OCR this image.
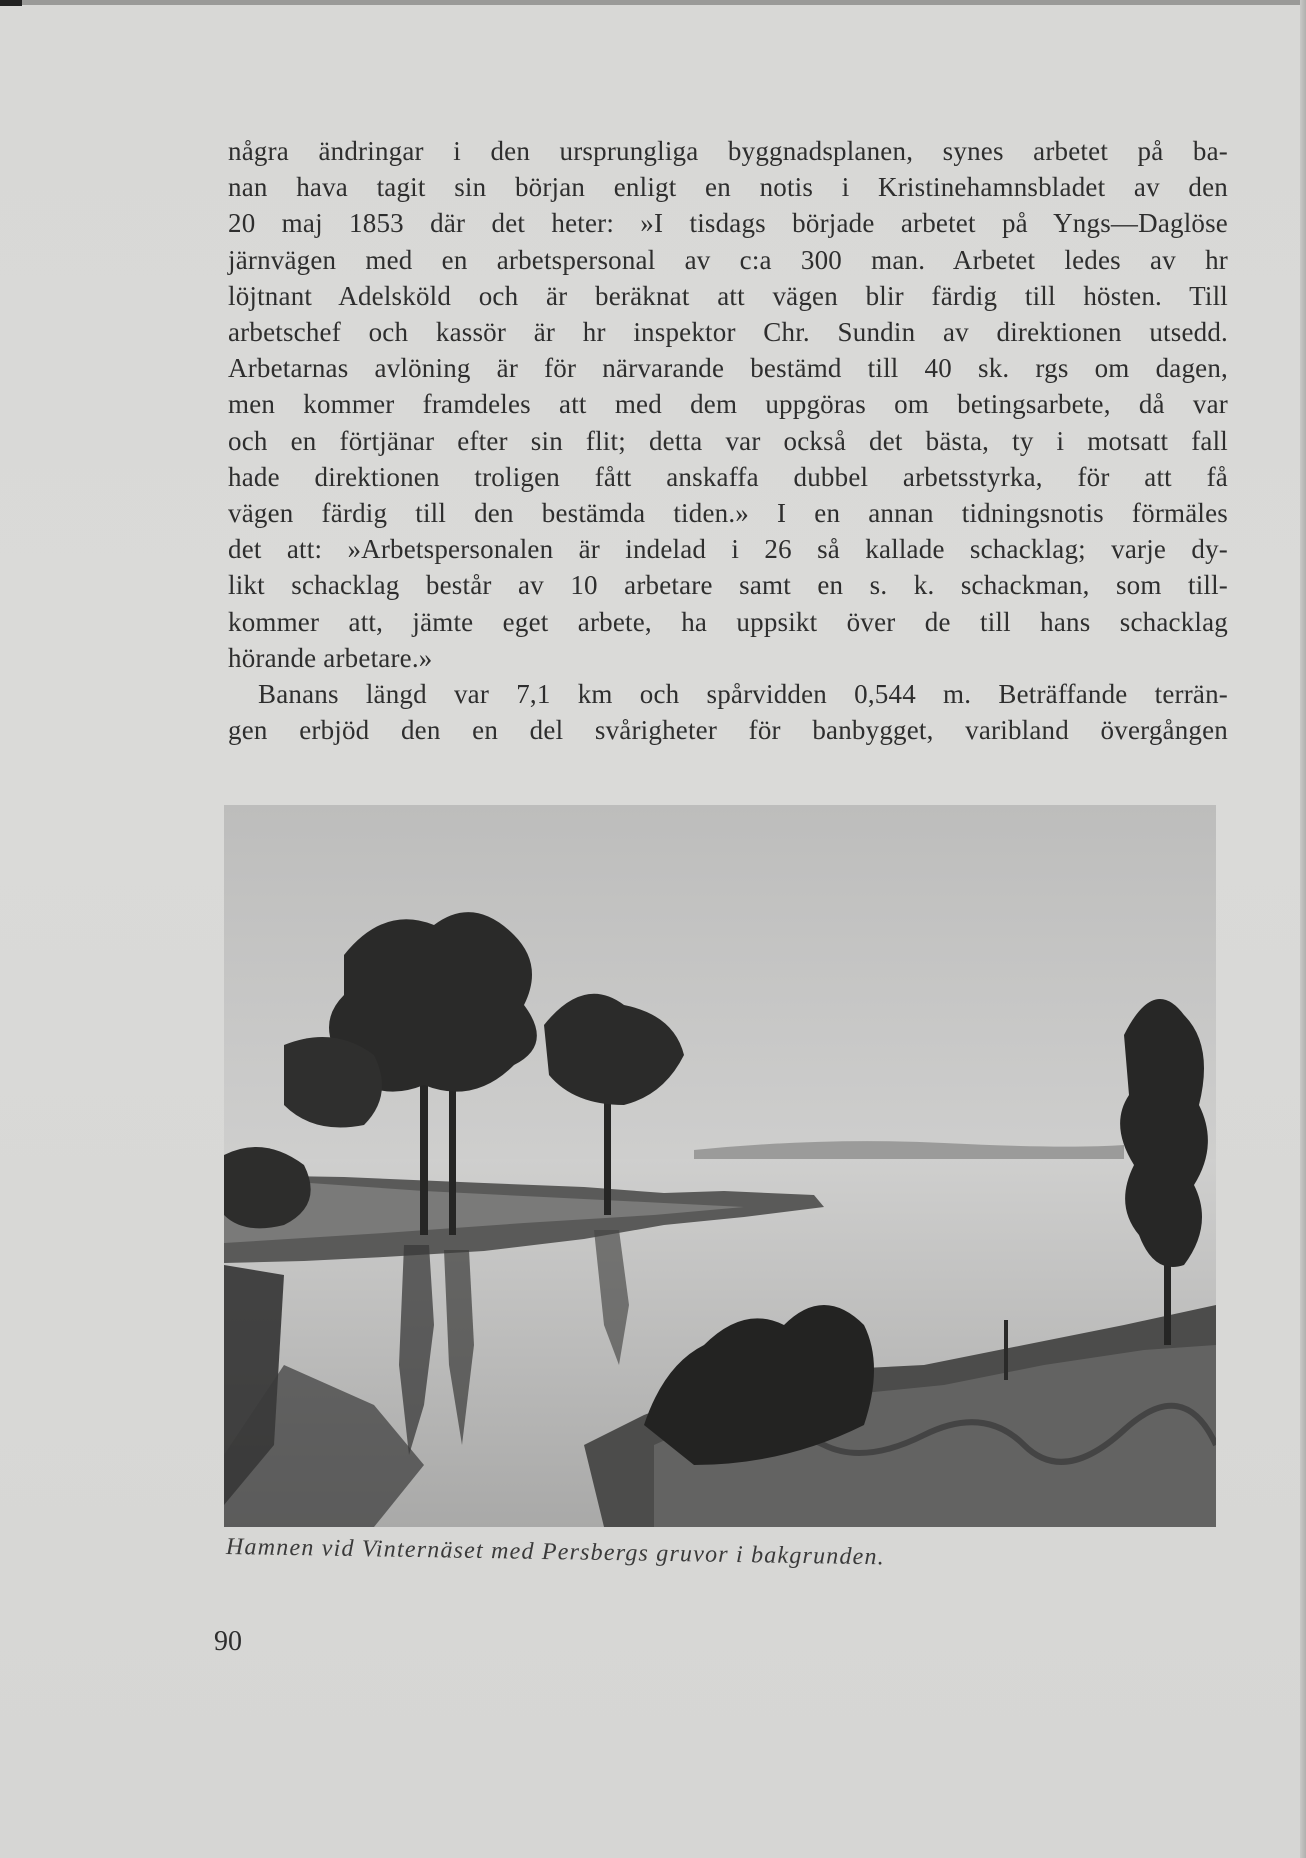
några ändringar i den ursprungliga byggnadsplanen, synes arbetet på ba-
nan hava tagit sin början enligt en notis i Kristinehamnsbladet av den
20 maj 1853 där det heter: »I tisdags började arbetet på Yngs—Daglöse
järnvägen med en arbetspersonal av c:a 300 man. Arbetet ledes av hr
löjtnant Adelsköld och är beräknat att vägen blir färdig till hösten. Till
arbetschef och kassör är hr inspektor Chr. Sundin av direktionen utsedd.
Arbetarnas avlöning är för närvarande bestämd till 40 sk. rgs om dagen,
men kommer framdeles att med dem uppgöras om betingsarbete, då var
och en förtjänar efter sin flit; detta var också det bästa, ty i motsatt fall
hade direktionen troligen fått anskaffa dubbel arbetsstyrka, för att få
vägen färdig till den bestämda tiden.» I en annan tidningsnotis förmäles
det att: »Arbetspersonalen är indelad i 26 så kallade schacklag; varje dy-
likt schacklag består av 10 arbetare samt en s. k. schackman, som till-
kommer att, jämte eget arbete, ha uppsikt över de till hans schacklag
hörande arbetare.»
Banans längd var 7,1 km och spårvidden 0,544 m. Beträffande terrän-
gen erbjöd den en del svårigheter för banbygget, varibland övergången
Hamnen vid Vinternäset med Persbergs gruvor i bakgrunden.
90
